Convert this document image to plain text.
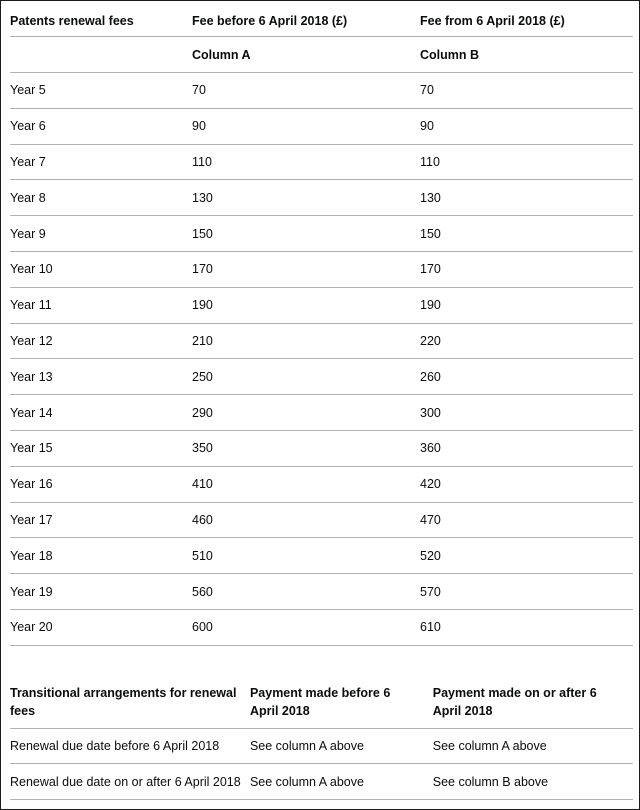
Patents renewal fees	Fee before 6 April 2018 (£)	Fee from 6 April 2018 (£)
	Column A	Column B
Year 5	70	70
Year 6	90	90
Year 7	110	110
Year 8	130	130
Year 9	150	150
Year 10	170	170
Year 11	190	190
Year 12	210	220
Year 13	250	260
Year 14	290	300
Year 15	350	360
Year 16	410	420
Year 17	460	470
Year 18	510	520
Year 19	560	570
Year 20	600	610
Transitional arrangements for renewal fees	Payment made before 6 April 2018	Payment made on or after 6 April 2018
Renewal due date before 6 April 2018	See column A above	See column A above
Renewal due date on or after 6 April 2018	See column A above	See column B above
